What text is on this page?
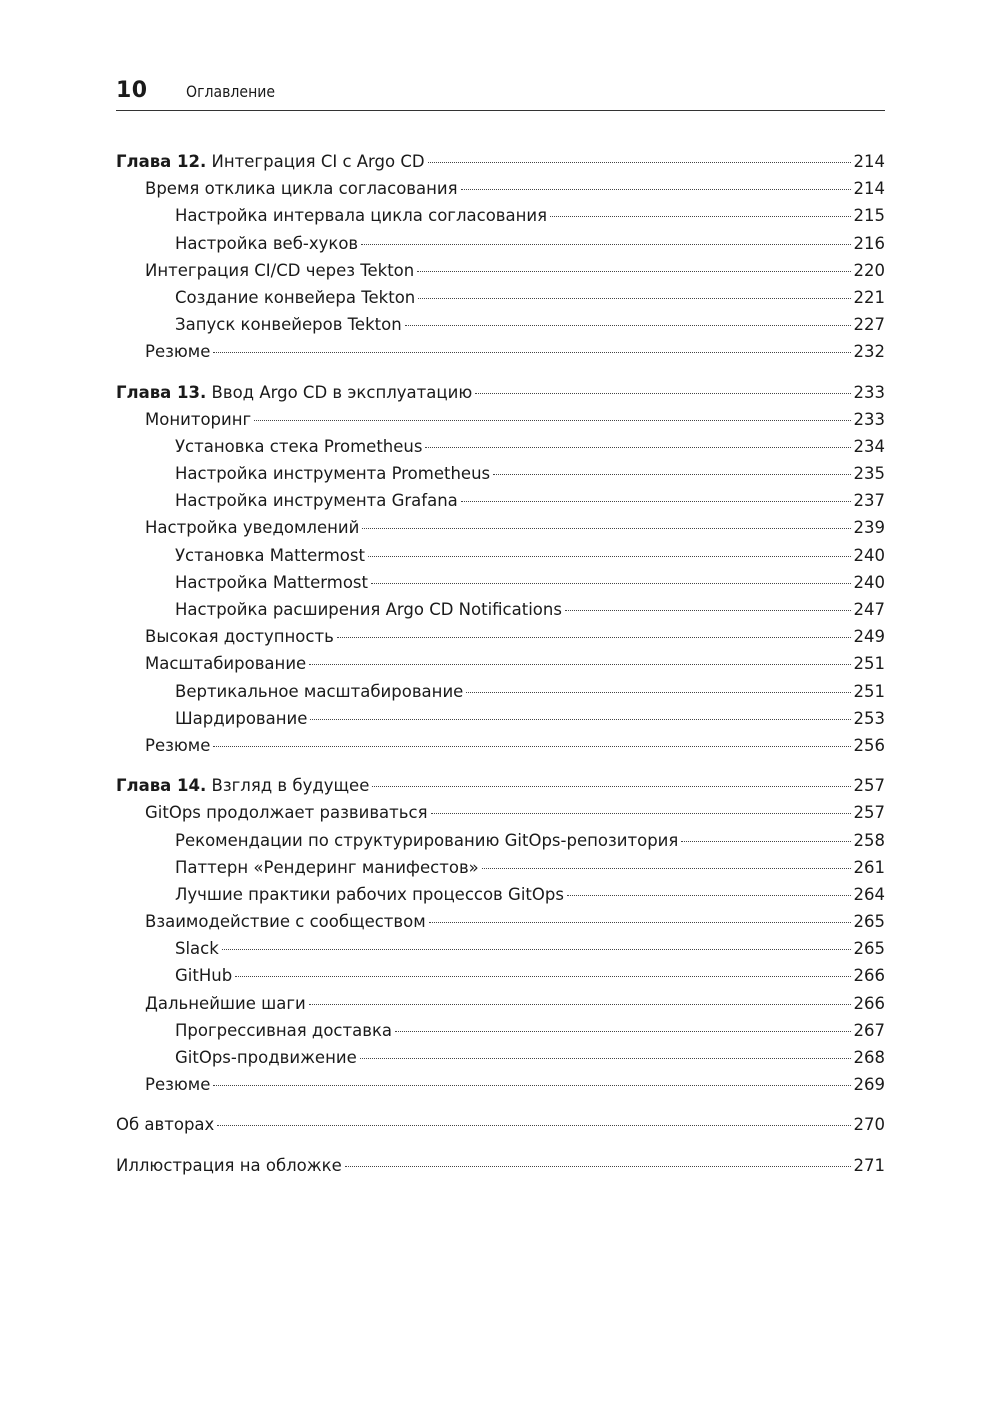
10 Оглавление
Глава 12. Интеграция CI с Argo CD	214
Время отклика цикла согласования	214
Настройка интервала цикла согласования	215
Настройка веб-хуков	216
Интеграция CI/CD через Tekton	220
Создание конвейера Tekton	221
Запуск конвейеров Tekton	227
Резюме	232
Глава 13. Ввод Argo CD в эксплуатацию	233
Мониторинг	233
Установка стека Prometheus	234
Настройка инструмента Prometheus	235
Настройка инструмента Grafana	237
Настройка уведомлений	239
Установка Mattermost	240
Настройка Mattermost	240
Настройка расширения Argo CD Notifications	247
Высокая доступность	249
Масштабирование	251
Вертикальное масштабирование	251
Шардирование	253
Резюме	256
Глава 14. Взгляд в будущее	257
GitOps продолжает развиваться	257
Рекомендации по структурированию GitOps-репозитория	258
Паттерн «Рендеринг манифестов»	261
Лучшие практики рабочих процессов GitOps	264
Взаимодействие с сообществом	265
Slack	265
GitHub	266
Дальнейшие шаги	266
Прогрессивная доставка	267
GitOps-продвижение	268
Резюме	269
Об авторах	270
Иллюстрация на обложке	271
